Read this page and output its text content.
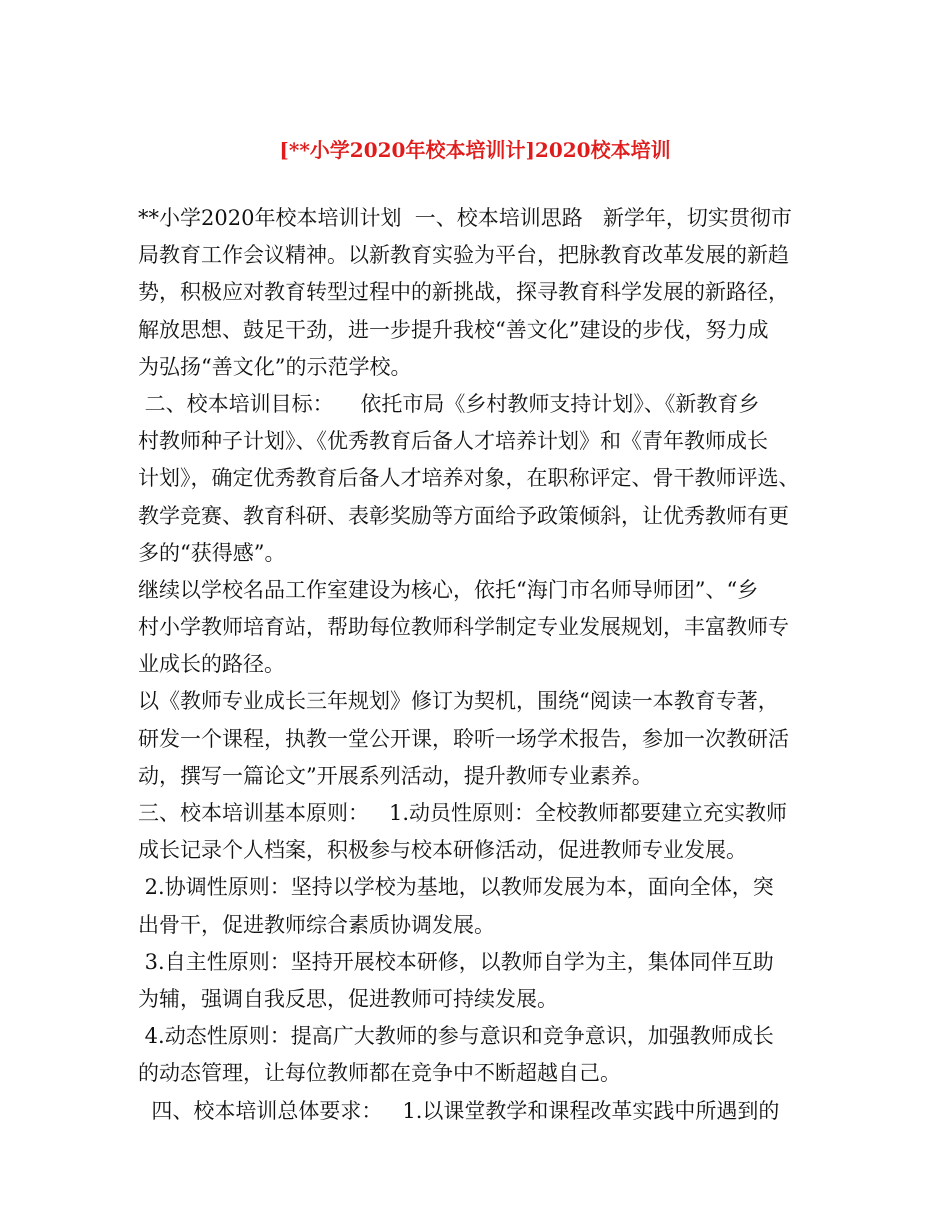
[**小学2020年校本培训计]2020校本培训
**小学2020年校本培训计划  一、校本培训思路   新学年，切实贯彻市
局教育工作会议精神。以新教育实验为平台，把脉教育改革发展的新趋
势，积极应对教育转型过程中的新挑战，探寻教育科学发展的新路径，
解放思想、鼓足干劲，进一步提升我校“善文化”建设的步伐，努力成
为弘扬“善文化”的示范学校。
二、校本培训目标：    依托市局《乡村教师支持计划》、《新教育乡
村教师种子计划》、《优秀教育后备人才培养计划》和《青年教师成长
计划》，确定优秀教育后备人才培养对象，在职称评定、骨干教师评选、
教学竞赛、教育科研、表彰奖励等方面给予政策倾斜，让优秀教师有更
多的“获得感”。
继续以学校名品工作室建设为核心，依托“海门市名师导师团”、“乡
村小学教师培育站，帮助每位教师科学制定专业发展规划，丰富教师专
业成长的路径。
以《教师专业成长三年规划》修订为契机，围绕“阅读一本教育专著，
研发一个课程，执教一堂公开课，聆听一场学术报告，参加一次教研活
动，撰写一篇论文”开展系列活动，提升教师专业素养。
三、校本培训基本原则：   1.动员性原则：全校教师都要建立充实教师
成长记录个人档案，积极参与校本研修活动，促进教师专业发展。
2.协调性原则：坚持以学校为基地，以教师发展为本，面向全体，突
出骨干，促进教师综合素质协调发展。
3.自主性原则：坚持开展校本研修，以教师自学为主，集体同伴互助
为辅，强调自我反思，促进教师可持续发展。
4.动态性原则：提高广大教师的参与意识和竞争意识，加强教师成长
的动态管理，让每位教师都在竞争中不断超越自己。
四、校本培训总体要求：   1.以课堂教学和课程改革实践中所遇到的
